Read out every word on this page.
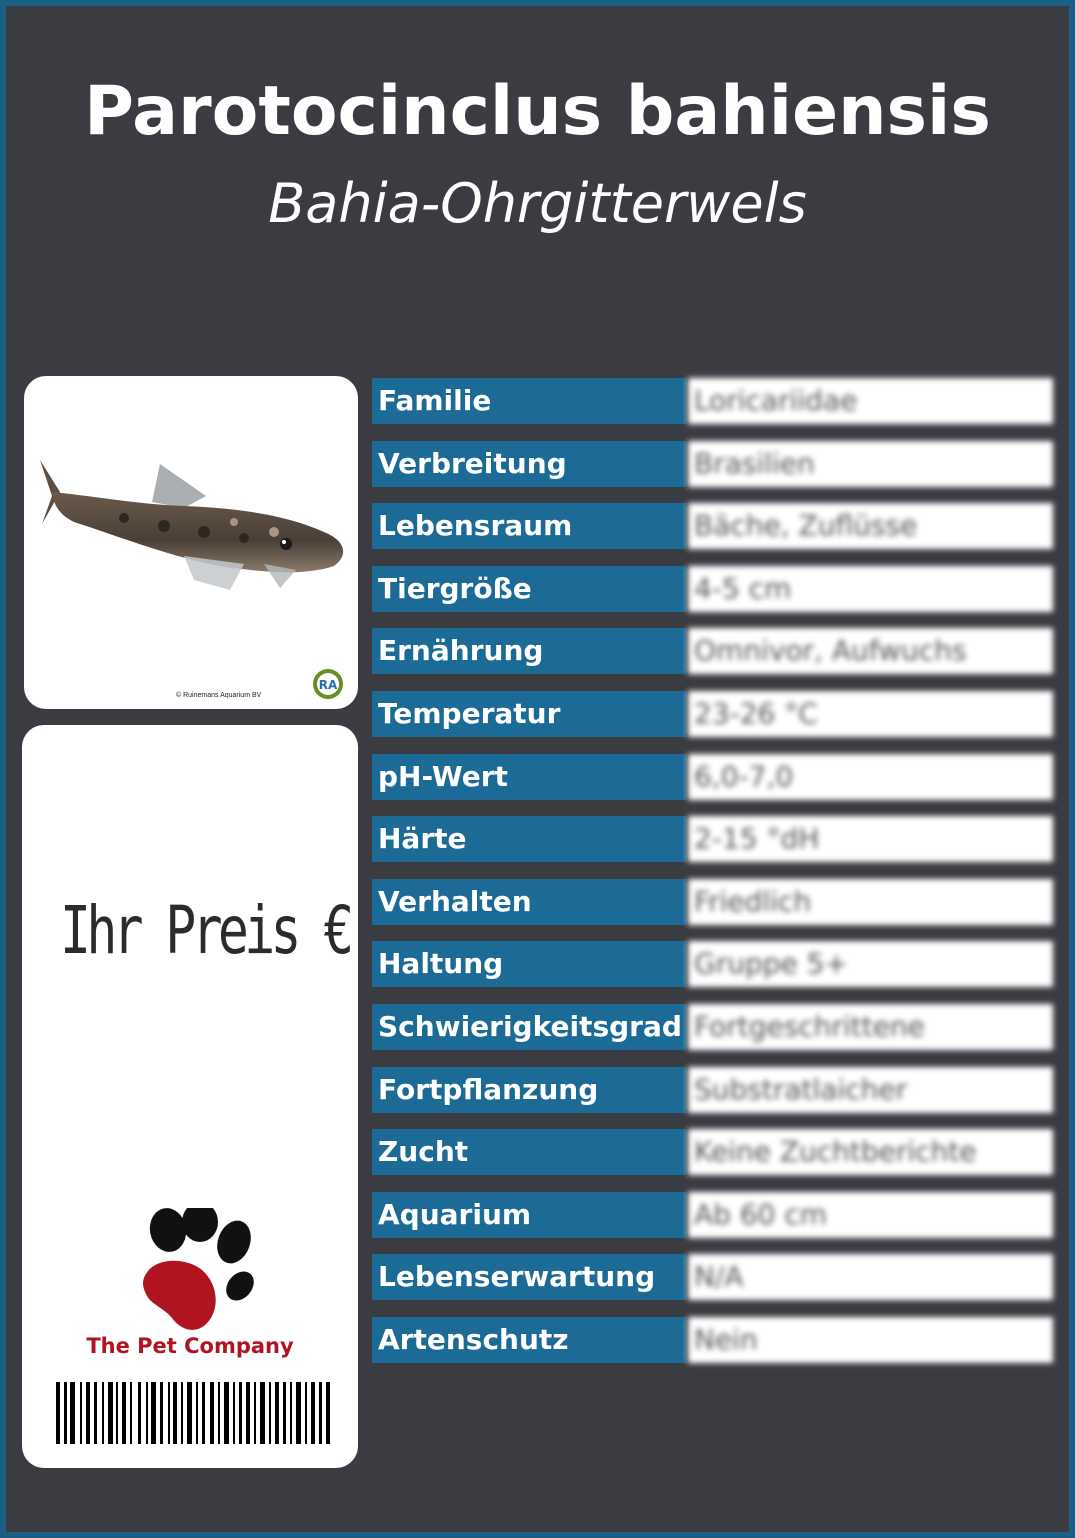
Parotocinclus bahiensis
Bahia-Ohrgitterwels
© Ruinemans Aquarium BV
RA
Ihr Preis €
The Pet Company
Familie	Loricariidae
Verbreitung	Brasilien
Lebensraum	Bäche, Zuflüsse
Tiergröße	4-5 cm
Ernährung	Omnivor, Aufwuchs
Temperatur	23-26 °C
pH-Wert	6,0-7,0
Härte	2-15 °dH
Verhalten	Friedlich
Haltung	Gruppe 5+
Schwierigkeitsgrad Fortgeschrittene
Fortpflanzung	Substratlaicher
Zucht	Keine Zuchtberichte
Aquarium	Ab 60 cm
Lebenserwartung	N/A
Artenschutz	Nein
